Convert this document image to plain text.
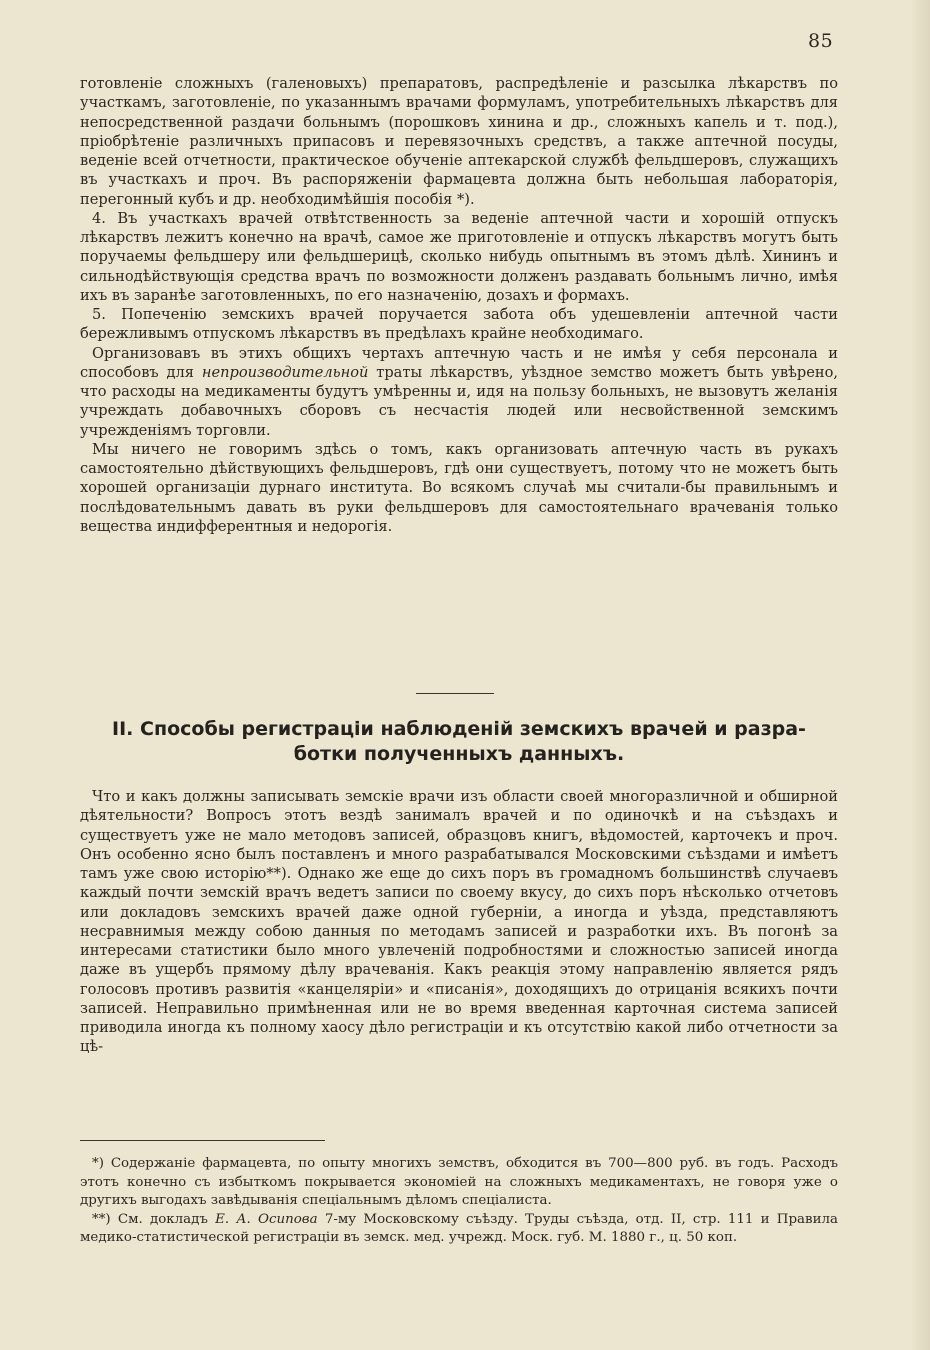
85

готовленіе сложныхъ (галеновыхъ) препаратовъ, распредѣленіе и разсылка лѣкарствъ по участкамъ, заготовленіе, по указаннымъ врачами формуламъ, употребительныхъ лѣкарствъ для непосредственной раздачи больнымъ (порошковъ хинина и др., сложныхъ капель и т. под.), пріобрѣтеніе различныхъ припасовъ и перевязочныхъ средствъ, а также аптечной посуды, веденіе всей отчетности, практическое обученіе аптекарской службѣ фельдшеровъ, служащихъ въ участкахъ и проч. Въ распоряженіи фармацевта должна быть небольшая лабораторія, перегонный кубъ и др. необходимѣйшія пособія *).

4. Въ участкахъ врачей отвѣтственность за веденіе аптечной части и хорошій отпускъ лѣкарствъ лежитъ конечно на врачѣ, самое же приготовленіе и отпускъ лѣкарствъ могутъ быть поручаемы фельдшеру или фельдшерицѣ, сколько нибудь опытнымъ въ этомъ дѣлѣ. Хининъ и сильнодѣйствующія средства врачъ по возможности долженъ раздавать больнымъ лично, имѣя ихъ въ заранѣе заготовленныхъ, по его назначенію, дозахъ и формахъ.

5. Попеченію земскихъ врачей поручается забота объ удешевленіи аптечной части бережливымъ отпускомъ лѣкарствъ въ предѣлахъ крайне необходимаго.

Организовавъ въ этихъ общихъ чертахъ аптечную часть и не имѣя у себя персонала и способовъ для непроизводительной траты лѣкарствъ, уѣздное земство можетъ быть увѣрено, что расходы на медикаменты будутъ умѣренны и, идя на пользу больныхъ, не вызовутъ желанія учреждать добавочныхъ сборовъ съ несчастія людей или несвойственной земскимъ учрежденіямъ торговли.

Мы ничего не говоримъ здѣсь о томъ, какъ организовать аптечную часть въ рукахъ самостоятельно дѣйствующихъ фельдшеровъ, гдѣ они существуетъ, потому что не можетъ быть хорошей организаціи дурнаго института. Во всякомъ случаѣ мы считали-бы правильнымъ и послѣдовательнымъ давать въ руки фельдшеровъ для самостоятельнаго врачеванія только вещества индифферентныя и недорогія.

II. Способы регистраціи наблюденій земскихъ врачей и разра-
ботки полученныхъ данныхъ.

Что и какъ должны записывать земскіе врачи изъ области своей многоразличной и обширной дѣятельности? Вопросъ этотъ вездѣ занималъ врачей и по одиночкѣ и на съѣздахъ и существуетъ уже не мало методовъ записей, образцовъ книгъ, вѣдомостей, карточекъ и проч. Онъ особенно ясно былъ поставленъ и много разрабатывался Московскими съѣздами и имѣетъ тамъ уже свою исторію**). Однако же еще до сихъ поръ въ громадномъ большинствѣ случаевъ каждый почти земскій врачъ ведетъ записи по своему вкусу, до сихъ поръ нѣсколько отчетовъ или докладовъ земскихъ врачей даже одной губерніи, а иногда и уѣзда, представляютъ несравнимыя между собою данныя по методамъ записей и разработки ихъ. Въ погонѣ за интересами статистики было много увлеченій подробностями и сложностью записей иногда даже въ ущербъ прямому дѣлу врачеванія. Какъ реакція этому направленію является рядъ голосовъ противъ развитія «канцеляріи» и «писанія», доходящихъ до отрицанія всякихъ почти записей. Неправильно примѣненная или не во время введенная карточная система записей приводила иногда къ полному хаосу дѣло регистраціи и къ отсутствію какой либо отчетности за цѣ-

*) Содержаніе фармацевта, по опыту многихъ земствъ, обходится въ 700—800 руб. въ годъ. Расходъ этотъ конечно съ избыткомъ покрывается экономіей на сложныхъ медикаментахъ, не говоря уже о другихъ выгодахъ завѣдыванія спеціальнымъ дѣломъ спеціалиста.

**) См. докладъ Е. А. Осипова 7-му Московскому съѣзду. Труды съѣзда, отд. II, стр. 111 и Правила медико-статистической регистраціи въ земск. мед. учрежд. Моск. губ. М. 1880 г., ц. 50 коп.
